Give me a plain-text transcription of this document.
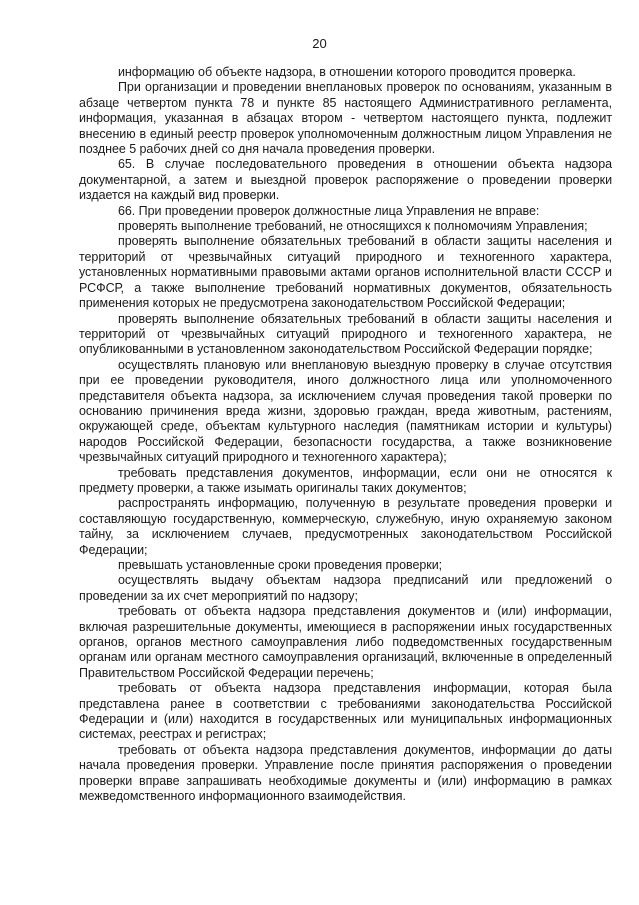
20

информацию об объекте надзора, в отношении которого проводится проверка.

При организации и проведении внеплановых проверок по основаниям, указанным в абзаце четвертом пункта 78 и пункте 85 настоящего Административного регламента, информация, указанная в абзацах втором - четвертом настоящего пункта, подлежит внесению в единый реестр проверок уполномоченным должностным лицом Управления не позднее 5 рабочих дней со дня начала проведения проверки.

65. В случае последовательного проведения в отношении объекта надзора документарной, а затем и выездной проверок распоряжение о проведении проверки издается на каждый вид проверки.

66. При проведении проверок должностные лица Управления не вправе:

проверять выполнение требований, не относящихся к полномочиям Управления;

проверять выполнение обязательных требований в области защиты населения и территорий от чрезвычайных ситуаций природного и техногенного характера, установленных нормативными правовыми актами органов исполнительной власти СССР и РСФСР, а также выполнение требований нормативных документов, обязательность применения которых не предусмотрена законодательством Российской Федерации;

проверять выполнение обязательных требований в области защиты населения и территорий от чрезвычайных ситуаций природного и техногенного характера, не опубликованными в установленном законодательством Российской Федерации порядке;

осуществлять плановую или внеплановую выездную проверку в случае отсутствия при ее проведении руководителя, иного должностного лица или уполномоченного представителя объекта надзора, за исключением случая проведения такой проверки по основанию причинения вреда жизни, здоровью граждан, вреда животным, растениям, окружающей среде, объектам культурного наследия (памятникам истории и культуры) народов Российской Федерации, безопасности государства, а также возникновение чрезвычайных ситуаций природного и техногенного характера);

требовать представления документов, информации, если они не относятся к предмету проверки, а также изымать оригиналы таких документов;

распространять информацию, полученную в результате проведения проверки и составляющую государственную, коммерческую, служебную, иную охраняемую законом тайну, за исключением случаев, предусмотренных законодательством Российской Федерации;

превышать установленные сроки проведения проверки;

осуществлять выдачу объектам надзора предписаний или предложений о проведении за их счет мероприятий по надзору;

требовать от объекта надзора представления документов и (или) информации, включая разрешительные документы, имеющиеся в распоряжении иных государственных органов, органов местного самоуправления либо подведомственных государственным органам или органам местного самоуправления организаций, включенные в определенный Правительством Российской Федерации перечень;

требовать от объекта надзора представления информации, которая была представлена ранее в соответствии с требованиями законодательства Российской Федерации и (или) находится в государственных или муниципальных информационных системах, реестрах и регистрах;

требовать от объекта надзора представления документов, информации до даты начала проведения проверки. Управление после принятия распоряжения о проведении проверки вправе запрашивать необходимые документы и (или) информацию в рамках межведомственного информационного взаимодействия.
